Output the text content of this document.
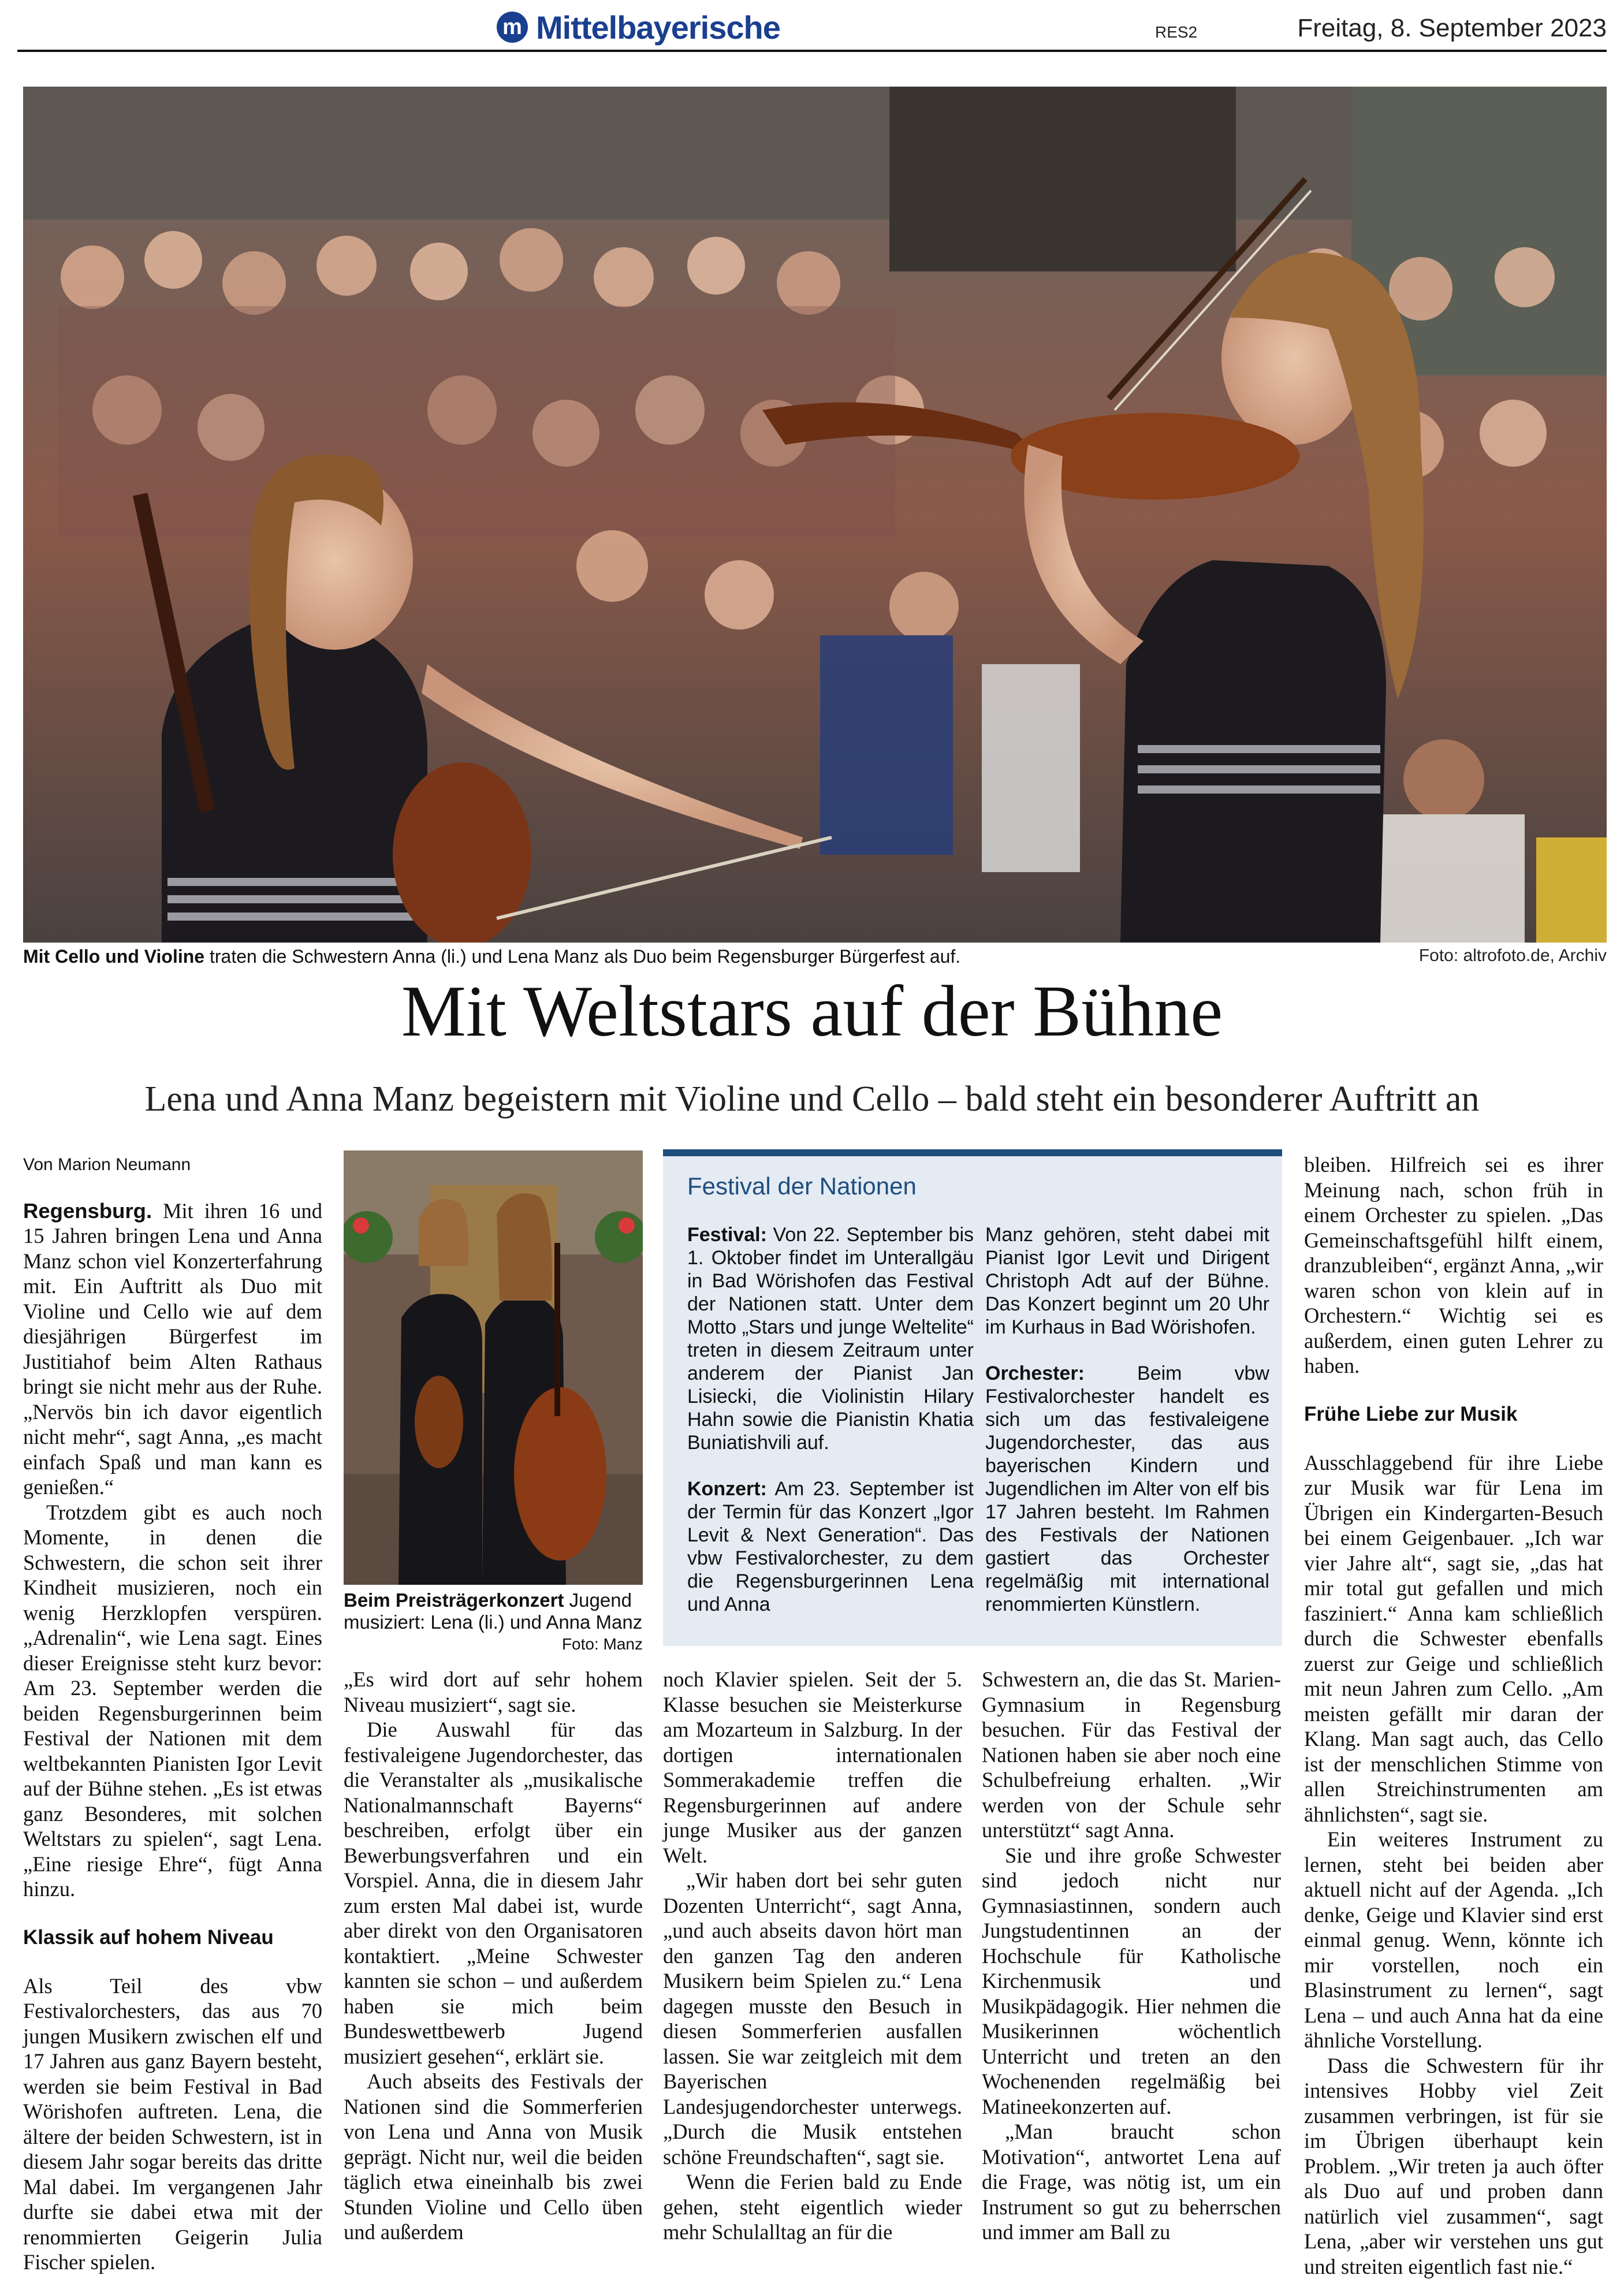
m Mittelbayerische	RES2	Freitag, 8. September 2023
Mit Cello und Violine traten die Schwestern Anna (li.) und Lena Manz als Duo beim Regensburger Bürgerfest auf.	Foto: altrofoto.de, Archiv
Mit Weltstars auf der Bühne
Lena und Anna Manz begeistern mit Violine und Cello – bald steht ein besonderer Auftritt an
Von Marion Neumann

Regensburg. Mit ihren 16 und 15 Jahren bringen Lena und Anna Manz schon viel Konzerterfahrung mit. Ein Auftritt als Duo mit Violine und Cello wie auf dem diesjährigen Bürgerfest im Justitiahof beim Alten Rathaus bringt sie nicht mehr aus der Ruhe. „Nervös bin ich davor eigentlich nicht mehr“, sagt Anna, „es macht einfach Spaß und man kann es genießen.“

Trotzdem gibt es auch noch Momente, in denen die Schwestern, die schon seit ihrer Kindheit musizieren, noch ein wenig Herzklopfen verspüren. „Adrenalin“, wie Lena sagt. Eines dieser Ereignisse steht kurz bevor: Am 23. September werden die beiden Regensburgerinnen beim Festival der Nationen mit dem weltbekannten Pianisten Igor Levit auf der Bühne stehen. „Es ist etwas ganz Besonderes, mit solchen Weltstars zu spielen“, sagt Lena. „Eine riesige Ehre“, fügt Anna hinzu.

Klassik auf hohem Niveau

Als Teil des vbw Festivalorchesters, das aus 70 jungen Musikern zwischen elf und 17 Jahren aus ganz Bayern besteht, werden sie beim Festival in Bad Wörishofen auftreten. Lena, die ältere der beiden Schwestern, ist in diesem Jahr sogar bereits das dritte Mal dabei. Im vergangenen Jahr durfte sie dabei etwa mit der renommierten Geigerin Julia Fischer spielen.

Beim Preisträgerkonzert Jugend musiziert: Lena (li.) und Anna Manz
Foto: Manz

„Es wird dort auf sehr hohem Niveau musiziert“, sagt sie.

Die Auswahl für das festivaleigene Jugendorchester, das die Veranstalter als „musikalische Nationalmannschaft Bayerns“ beschreiben, erfolgt über ein Bewerbungsverfahren und ein Vorspiel. Anna, die in diesem Jahr zum ersten Mal dabei ist, wurde aber direkt von den Organisatoren kontaktiert. „Meine Schwester kannten sie schon – und außerdem haben sie mich beim Bundeswettbewerb Jugend musiziert gesehen“, erklärt sie.

Auch abseits des Festivals der Nationen sind die Sommerferien von Lena und Anna von Musik geprägt. Nicht nur, weil die beiden täglich etwa eineinhalb bis zwei Stunden Violine und Cello üben und außerdem

Festival der Nationen

Festival: Von 22. September bis 1. Oktober findet im Unterallgäu in Bad Wörishofen das Festival der Nationen statt. Unter dem Motto „Stars und junge Weltelite“ treten in diesem Zeitraum unter anderem der Pianist Jan Lisiecki, die Violinistin Hilary Hahn sowie die Pianistin Khatia Buniatishvili auf.

Konzert: Am 23. September ist der Termin für das Konzert „Igor Levit & Next Generation“. Das vbw Festivalorchester, zu dem die Regensburgerinnen Lena und Anna

Manz gehören, steht dabei mit Pianist Igor Levit und Dirigent Christoph Adt auf der Bühne. Das Konzert beginnt um 20 Uhr im Kurhaus in Bad Wörishofen.

Orchester: Beim vbw Festivalorchester handelt es sich um das festivaleigene Jugendorchester, das aus bayerischen Kindern und Jugendlichen im Alter von elf bis 17 Jahren besteht. Im Rahmen des Festivals der Nationen gastiert das Orchester regelmäßig mit international renommierten Künstlern.

noch Klavier spielen. Seit der 5. Klasse besuchen sie Meisterkurse am Mozarteum in Salzburg. In der dortigen internationalen Sommerakademie treffen die Regensburgerinnen auf andere junge Musiker aus der ganzen Welt.

„Wir haben dort bei sehr guten Dozenten Unterricht“, sagt Anna, „und auch abseits davon hört man den ganzen Tag den anderen Musikern beim Spielen zu.“ Lena dagegen musste den Besuch in diesen Sommerferien ausfallen lassen. Sie war zeitgleich mit dem Bayerischen Landesjugendorchester unterwegs. „Durch die Musik entstehen schöne Freundschaften“, sagt sie.

Wenn die Ferien bald zu Ende gehen, steht eigentlich wieder mehr Schulalltag an für die

Schwestern an, die das St. Marien-Gymnasium in Regensburg besuchen. Für das Festival der Nationen haben sie aber noch eine Schulbefreiung erhalten. „Wir werden von der Schule sehr unterstützt“ sagt Anna.

Sie und ihre große Schwester sind jedoch nicht nur Gymnasiastinnen, sondern auch Jungstudentinnen an der Hochschule für Katholische Kirchenmusik und Musikpädagogik. Hier nehmen die Musikerinnen wöchentlich Unterricht und treten an den Wochenenden regelmäßig bei Matineekonzerten auf.

„Man braucht schon Motivation“, antwortet Lena auf die Frage, was nötig ist, um ein Instrument so gut zu beherrschen und immer am Ball zu

bleiben. Hilfreich sei es ihrer Meinung nach, schon früh in einem Orchester zu spielen. „Das Gemeinschaftsgefühl hilft einem, dranzubleiben“, ergänzt Anna, „wir waren schon von klein auf in Orchestern.“ Wichtig sei es außerdem, einen guten Lehrer zu haben.

Frühe Liebe zur Musik

Ausschlaggebend für ihre Liebe zur Musik war für Lena im Übrigen ein Kindergarten-Besuch bei einem Geigenbauer. „Ich war vier Jahre alt“, sagt sie, „das hat mir total gut gefallen und mich fasziniert.“ Anna kam schließlich durch die Schwester ebenfalls zuerst zur Geige und schließlich mit neun Jahren zum Cello. „Am meisten gefällt mir daran der Klang. Man sagt auch, das Cello ist der menschlichen Stimme von allen Streichinstrumenten am ähnlichsten“, sagt sie.

Ein weiteres Instrument zu lernen, steht bei beiden aber aktuell nicht auf der Agenda. „Ich denke, Geige und Klavier sind erst einmal genug. Wenn, könnte ich mir vorstellen, noch ein Blasinstrument zu lernen“, sagt Lena – und auch Anna hat da eine ähnliche Vorstellung.

Dass die Schwestern für ihr intensives Hobby viel Zeit zusammen verbringen, ist für sie im Übrigen überhaupt kein Problem. „Wir treten ja auch öfter als Duo auf und proben dann natürlich viel zusammen“, sagt Lena, „aber wir verstehen uns gut und streiten eigentlich fast nie.“
